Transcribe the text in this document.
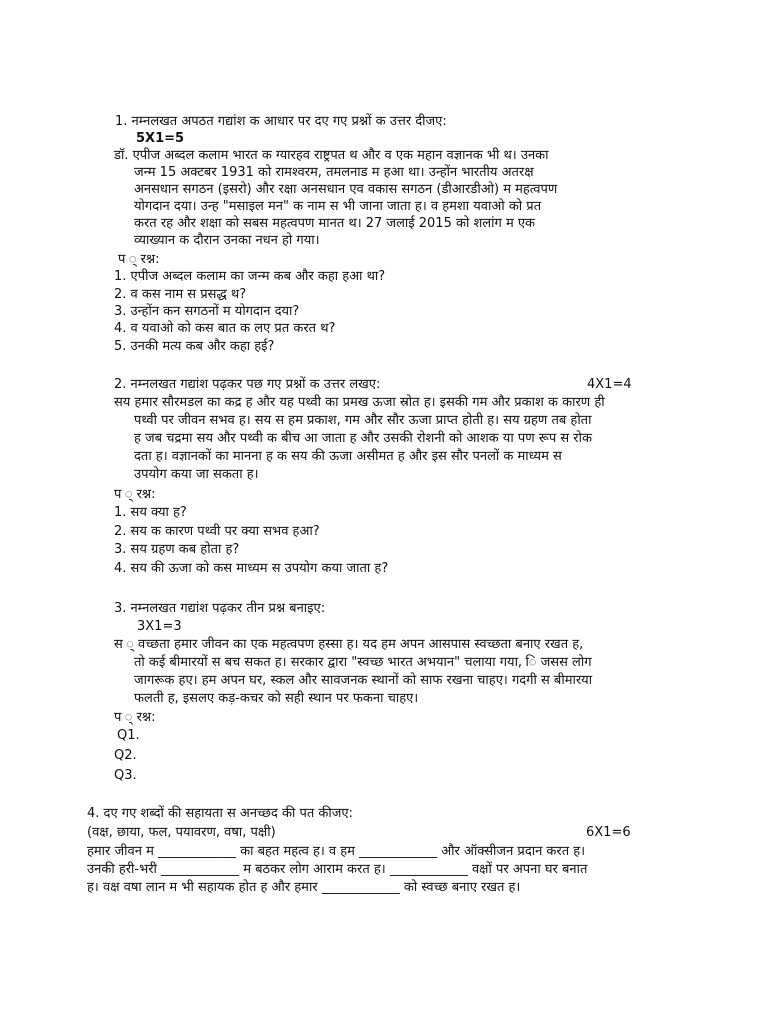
1. नम्नलखत अपठत गद्यांश क आधार पर दए गए प्रश्नों क उत्तर दीजए:
5X1=5
डॉ. एपीज अब्दल कलाम भारत क ग्यारहव राष्ट्रपत थ और व एक महान वज्ञानक भी थ। उनका
जन्म 15 अक्टबर 1931 को रामश्वरम, तमलनाड म हआ था। उन्होंन भारतीय अतरक्ष
अनसधान सगठन (इसरो) और रक्षा अनसधान एव वकास सगठन (डीआरडीओ) म महत्वपण
योगदान दया। उन्ह "मसाइल मन" क नाम स भी जाना जाता ह। व हमशा यवाओ को प्रत
करत रह और शक्षा को सबस महत्वपण मानत थ। 27 जलाई 2015 को शलांग म एक
व्याख्यान क दौरान उनका नधन हो गया।
प ् रश्न:
1. एपीज अब्दल कलाम का जन्म कब और कहा हआ था?
2. व कस नाम स प्रसद्ध थ?
3. उन्होंन कन सगठनों म योगदान दया?
4. व यवाओ को कस बात क लए प्रत करत थ?
5. उनकी मत्य कब और कहा हई?
2. नम्नलखत गद्यांश पढ़कर पछ गए प्रश्नों क उत्तर लखए:	4X1=4
सय हमार सौरमडल का कद्र ह और यह पथ्वी का प्रमख ऊजा स्रोत ह। इसकी गम और प्रकाश क कारण ही
पथ्वी पर जीवन सभव ह। सय स हम प्रकाश, गम और सौर ऊजा प्राप्त होती ह। सय ग्रहण तब होता
ह जब चद्रमा सय और पथ्वी क बीच आ जाता ह और उसकी रोशनी को आशक या पण रूप स रोक
दता ह। वज्ञानकों का मानना ह क सय की ऊजा असीमत ह और इस सौर पनलों क माध्यम स
उपयोग कया जा सकता ह।
प ् रश्न:
1. सय क्या ह?
2. सय क कारण पथ्वी पर क्या सभव हआ?
3. सय ग्रहण कब होता ह?
4. सय की ऊजा को कस माध्यम स उपयोग कया जाता ह?
3. नम्नलखत गद्यांश पढ़कर तीन प्रश्न बनाइए:
3X1=3
स ् वच्छता हमार जीवन का एक महत्वपण हस्सा ह। यद हम अपन आसपास स्वच्छता बनाए रखत ह,
तो कई बीमारयों स बच सकत ह। सरकार द्वारा "स्वच्छ भारत अभयान" चलाया गया, ि जसस लोग
जागरूक हए। हम अपन घर, स्कल और सावजनक स्थानों को साफ रखना चाहए। गदगी स बीमारया
फलती ह, इसलए कड़-कचर को सही स्थान पर फकना चाहए।
प ् रश्न:
Q1.
Q2.
Q3.
4. दए गए शब्दों की सहायता स अनच्छद की पत कीजए:
(वक्ष, छाया, फल, पयावरण, वषा, पक्षी)	6X1=6
हमार जीवन म ____________ का बहत महत्व ह। व हम ____________ और ऑक्सीजन प्रदान करत ह।
उनकी हरी-भरी ____________ म बठकर लोग आराम करत ह। ____________ वक्षों पर अपना घर बनात
ह। वक्ष वषा लान म भी सहायक होत ह और हमार ____________ को स्वच्छ बनाए रखत ह।
